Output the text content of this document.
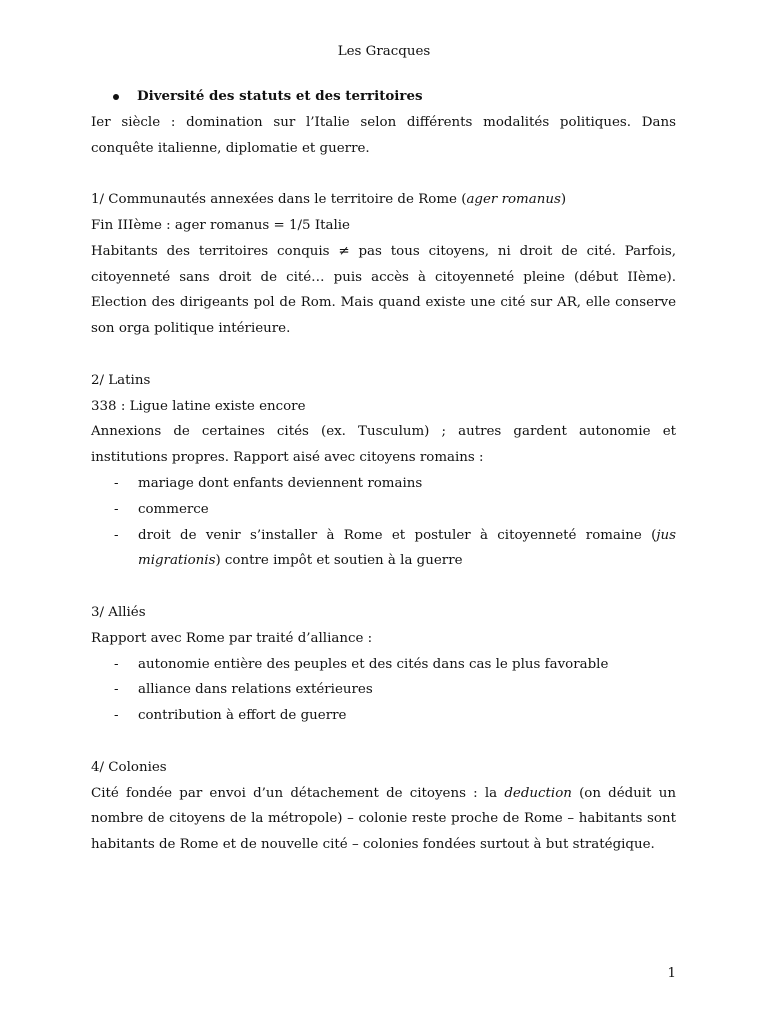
Les Gracques

Diversité des statuts et des territoires

Ier siècle : domination sur l’Italie selon différents modalités politiques. Dans conquête italienne, diplomatie et guerre.

1/ Communautés annexées dans le territoire de Rome (ager romanus)

Fin IIIème : ager romanus = 1/5 Italie

Habitants des territoires conquis ≠ pas tous citoyens, ni droit de cité. Parfois, citoyenneté sans droit de cité… puis accès à citoyenneté pleine (début IIème). Election des dirigeants pol de Rom. Mais quand existe une cité sur AR, elle conserve son orga politique intérieure.

2/ Latins

338 : Ligue latine existe encore

Annexions de certaines cités (ex. Tusculum) ; autres gardent autonomie et institutions propres. Rapport aisé avec citoyens romains :

- mariage dont enfants deviennent romains
- commerce
- droit de venir s’installer à Rome et postuler à citoyenneté romaine (jus migrationis) contre impôt et soutien à la guerre

3/ Alliés

Rapport avec Rome par traité d’alliance :

- autonomie entière des peuples et des cités dans cas le plus favorable
- alliance dans relations extérieures
- contribution à effort de guerre

4/ Colonies

Cité fondée par envoi d’un détachement de citoyens : la deduction (on déduit un nombre de citoyens de la métropole) – colonie reste proche de Rome – habitants sont habitants de Rome et de nouvelle cité – colonies fondées surtout à but stratégique.

1
